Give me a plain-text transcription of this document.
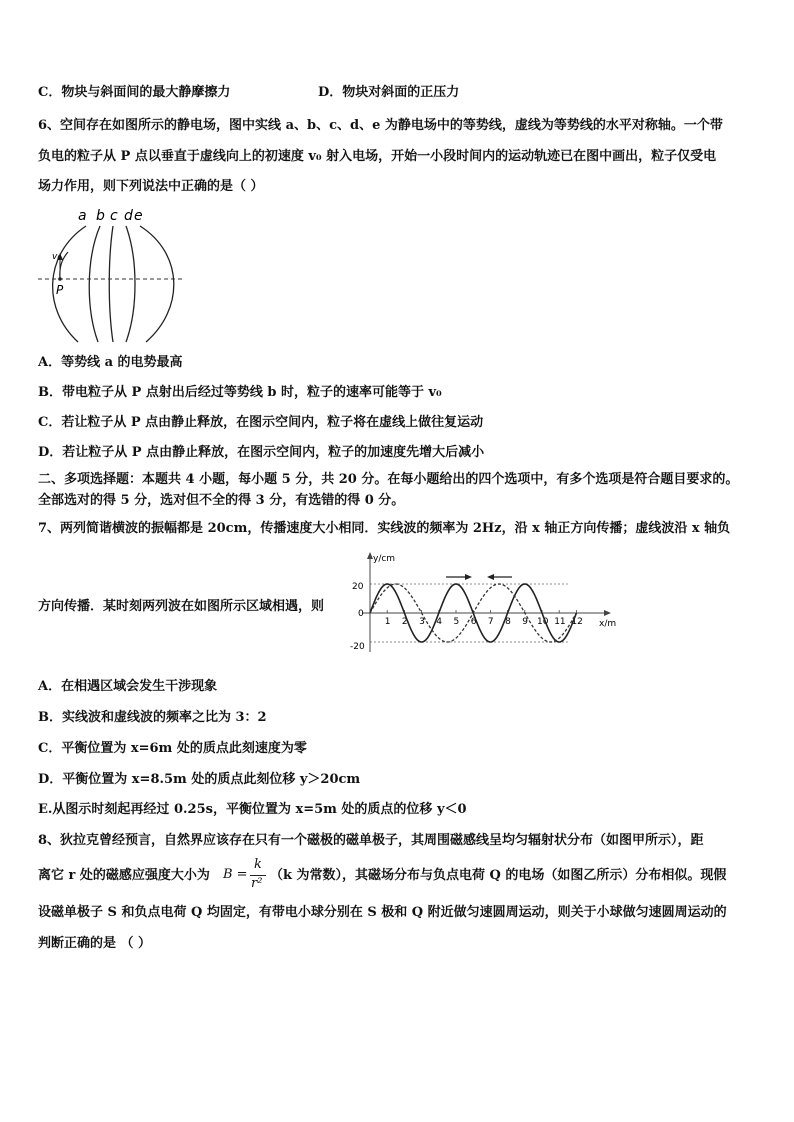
C．物块与斜面间的最大静摩擦力	D．物块对斜面的正压力
6、空间存在如图所示的静电场，图中实线 a、b、c、d、e 为静电场中的等势线，虚线为等势线的水平对称轴。一个带
负电的粒子从 P 点以垂直于虚线向上的初速度 v₀ 射入电场，开始一小段时间内的运动轨迹已在图中画出，粒子仅受电
场力作用，则下列说法中正确的是（ ）
a b c d e
v₀
P
A．等势线 a 的电势最高
B．带电粒子从 P 点射出后经过等势线 b 时，粒子的速率可能等于 v₀
C．若让粒子从 P 点由静止释放，在图示空间内，粒子将在虚线上做往复运动
D．若让粒子从 P 点由静止释放，在图示空间内，粒子的加速度先增大后减小
二、多项选择题：本题共 4 小题，每小题 5 分，共 20 分。在每小题给出的四个选项中，有多个选项是符合题目要求的。
全部选对的得 5 分，选对但不全的得 3 分，有选错的得 0 分。
7、两列简谐横波的振幅都是 20cm，传播速度大小相同．实线波的频率为 2Hz，沿 x 轴正方向传播；虚线波沿 x 轴负
方向传播．某时刻两列波在如图所示区域相遇，则
y/cm
x/m
20
0
-20
1 2 3 4 5 6 7 8 9 10 11 12
A．在相遇区域会发生干涉现象
B．实线波和虚线波的频率之比为 3：2
C．平衡位置为 x=6m 处的质点此刻速度为零
D．平衡位置为 x=8.5m 处的质点此刻位移 y＞20cm
E.从图示时刻起再经过 0.25s，平衡位置为 x=5m 处的质点的位移 y＜0
8、狄拉克曾经预言，自然界应该存在只有一个磁极的磁单极子，其周围磁感线呈均匀辐射状分布（如图甲所示），距
离它 r 处的磁感应强度大小为 B =
k
r²
（k 为常数），其磁场分布与负点电荷 Q 的电场（如图乙所示）分布相似。现假
设磁单极子 S 和负点电荷 Q 均固定，有带电小球分别在 S 极和 Q 附近做匀速圆周运动，则关于小球做匀速圆周运动的
判断正确的是 （ ）
